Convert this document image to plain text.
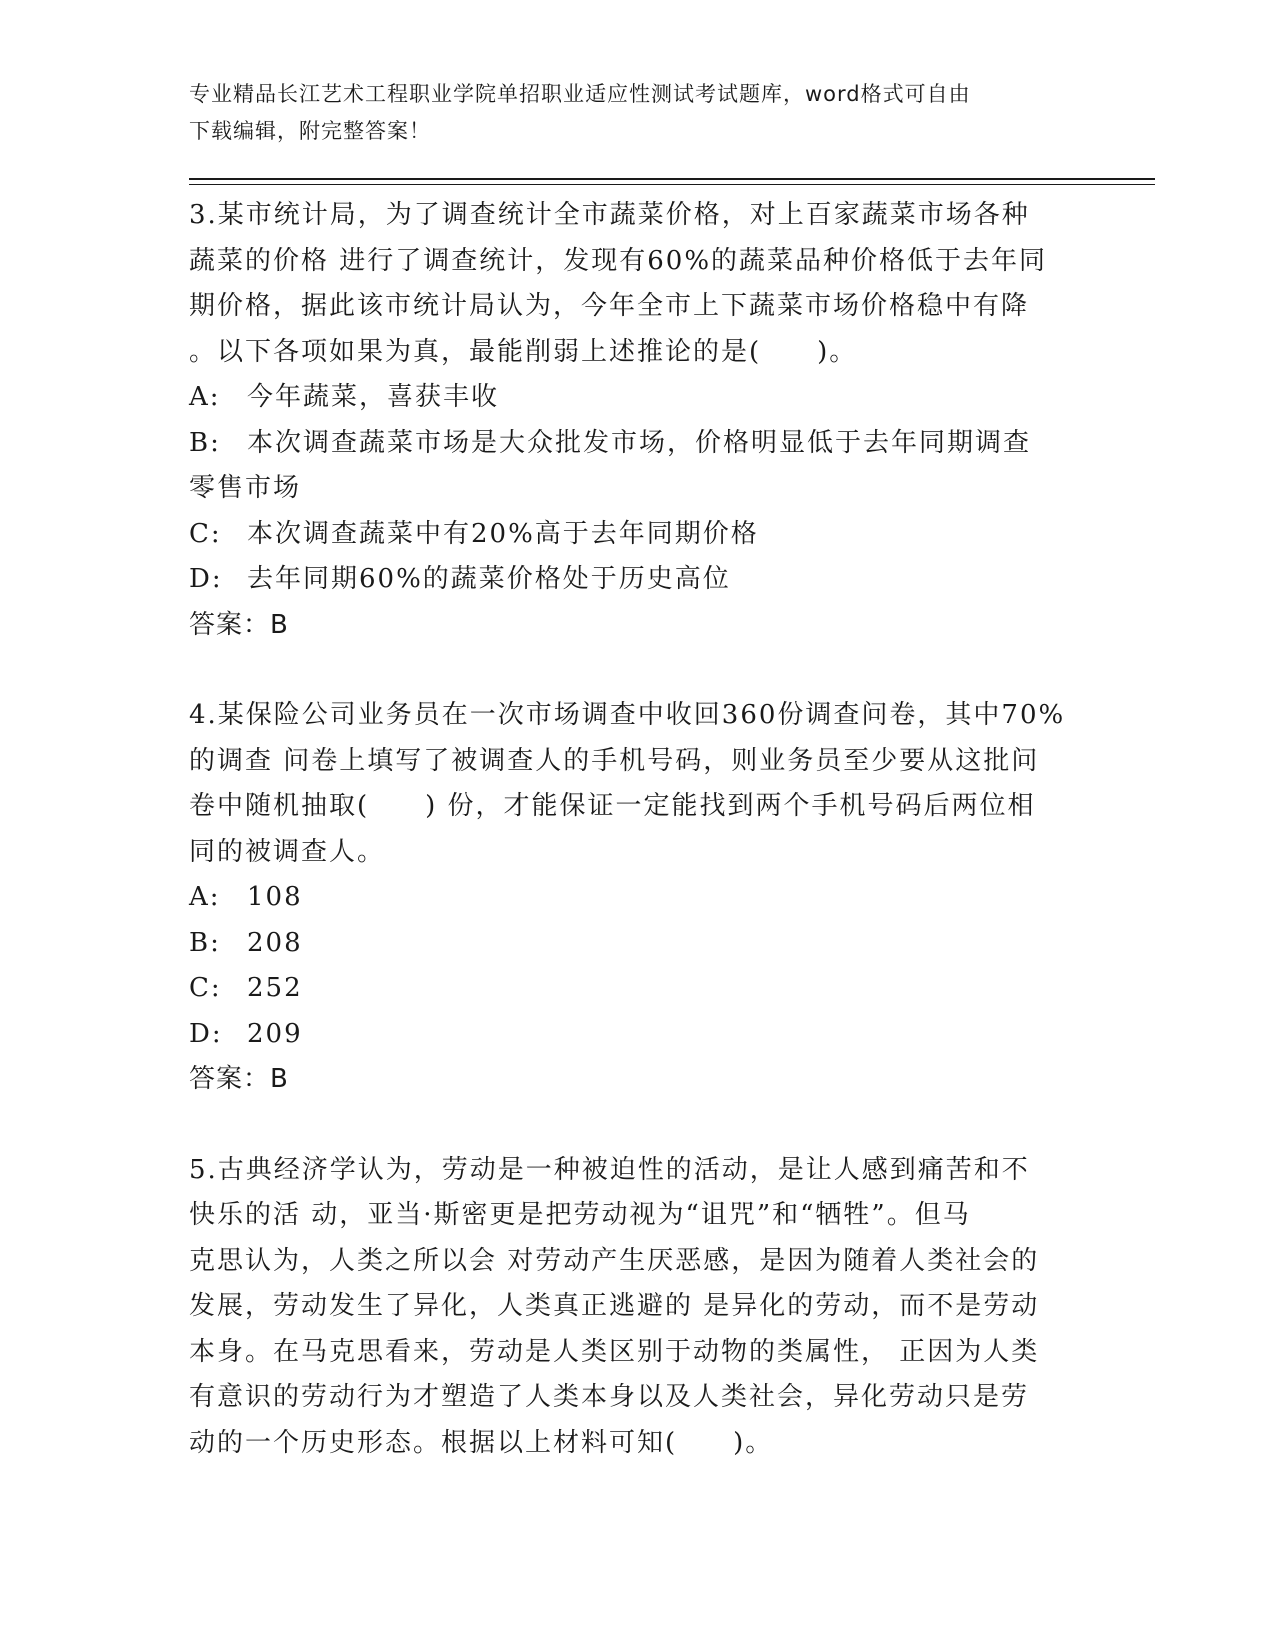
专业精品长江艺术工程职业学院单招职业适应性测试考试题库，word格式可自由
下载编辑，附完整答案！
3.某市统计局，为了调查统计全市蔬菜价格，对上百家蔬菜市场各种
蔬菜的价格 进行了调查统计，发现有60%的蔬菜品种价格低于去年同
期价格，据此该市统计局认为，今年全市上下蔬菜市场价格稳中有降
。以下各项如果为真，最能削弱上述推论的是(　　)。
A:	今年蔬菜，喜获丰收
B:	本次调查蔬菜市场是大众批发市场，价格明显低于去年同期调查
零售市场
C: 本次调查蔬菜中有20%高于去年同期价格
D: 去年同期60%的蔬菜价格处于历史高位
答案：B
4.某保险公司业务员在一次市场调查中收回360份调查问卷，其中70%
的调查 问卷上填写了被调查人的手机号码，则业务员至少要从这批问
卷中随机抽取(　　) 份，才能保证一定能找到两个手机号码后两位相
同的被调查人。
A:	108
B:	208
C: 252
D: 209
答案：B
5.古典经济学认为，劳动是一种被迫性的活动，是让人感到痛苦和不
快乐的活 动，亚当·斯密更是把劳动视为“诅咒”和“牺牲”。但马
克思认为，人类之所以会 对劳动产生厌恶感，是因为随着人类社会的
发展，劳动发生了异化，人类真正逃避的 是异化的劳动，而不是劳动
本身。在马克思看来，劳动是人类区别于动物的类属性， 正因为人类
有意识的劳动行为才塑造了人类本身以及人类社会，异化劳动只是劳
动的一个历史形态。根据以上材料可知(　　)。
